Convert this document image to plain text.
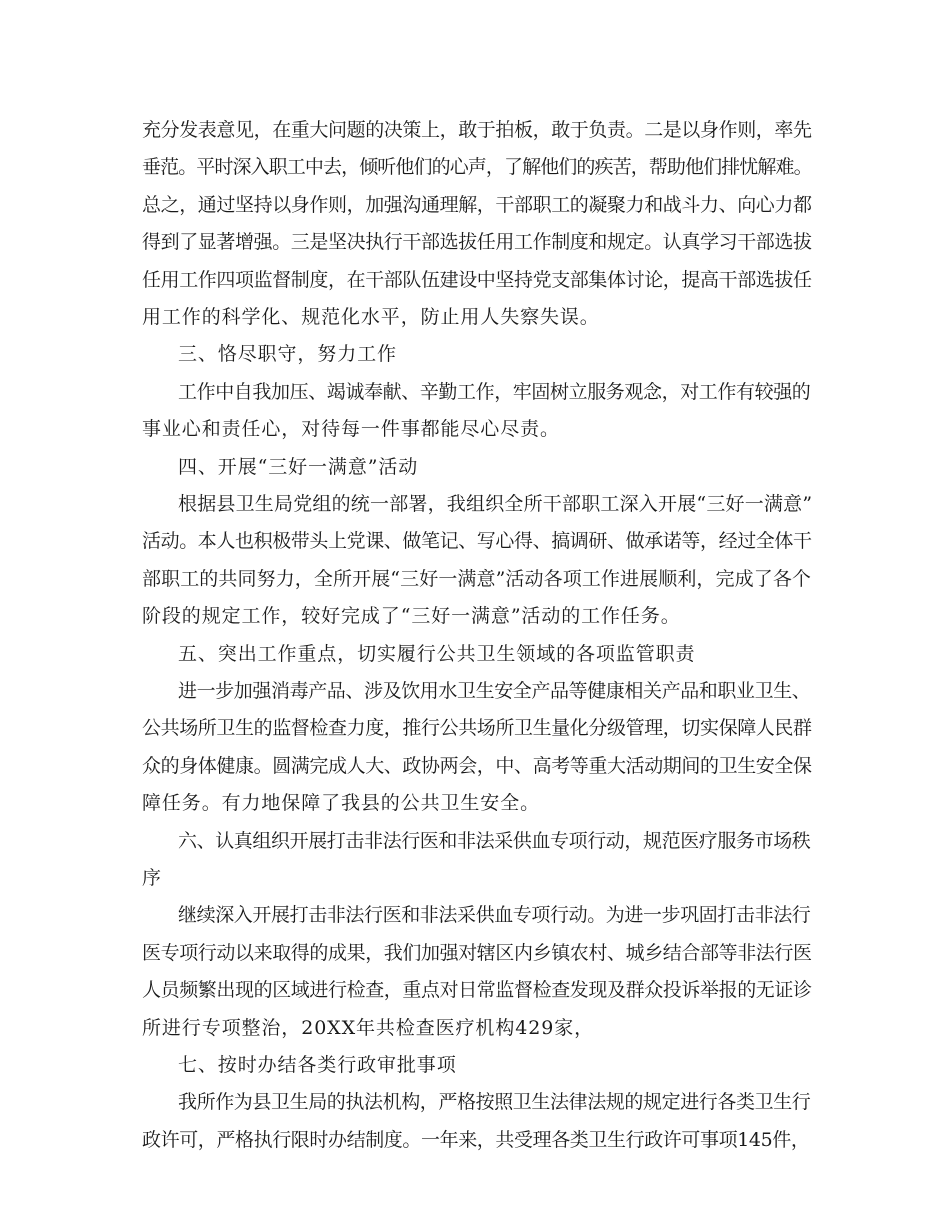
充分发表意见，在重大问题的决策上，敢于拍板，敢于负责。二是以身作则，率先

垂范。平时深入职工中去，倾听他们的心声，了解他们的疾苦，帮助他们排忧解难。

总之，通过坚持以身作则，加强沟通理解，干部职工的凝聚力和战斗力、向心力都

得到了显著增强。三是坚决执行干部选拔任用工作制度和规定。认真学习干部选拔

任用工作四项监督制度，在干部队伍建设中坚持党支部集体讨论，提高干部选拔任

用工作的科学化、规范化水平，防止用人失察失误。

三、恪尽职守，努力工作

工作中自我加压、竭诚奉献、辛勤工作，牢固树立服务观念，对工作有较强的

事业心和责任心，对待每一件事都能尽心尽责。

四、开展“三好一满意”活动

根据县卫生局党组的统一部署，我组织全所干部职工深入开展“三好一满意”

活动。本人也积极带头上党课、做笔记、写心得、搞调研、做承诺等，经过全体干

部职工的共同努力，全所开展“三好一满意”活动各项工作进展顺利，完成了各个

阶段的规定工作，较好完成了“三好一满意”活动的工作任务。

五、突出工作重点，切实履行公共卫生领域的各项监管职责

进一步加强消毒产品、涉及饮用水卫生安全产品等健康相关产品和职业卫生、

公共场所卫生的监督检查力度，推行公共场所卫生量化分级管理，切实保障人民群

众的身体健康。圆满完成人大、政协两会，中、高考等重大活动期间的卫生安全保

障任务。有力地保障了我县的公共卫生安全。

六、认真组织开展打击非法行医和非法采供血专项行动，规范医疗服务市场秩

序

继续深入开展打击非法行医和非法采供血专项行动。为进一步巩固打击非法行

医专项行动以来取得的成果，我们加强对辖区内乡镇农村、城乡结合部等非法行医

人员频繁出现的区域进行检查，重点对日常监督检查发现及群众投诉举报的无证诊

所进行专项整治，20XX年共检查医疗机构429家，

七、按时办结各类行政审批事项

我所作为县卫生局的执法机构，严格按照卫生法律法规的规定进行各类卫生行

政许可，严格执行限时办结制度。一年来，共受理各类卫生行政许可事项145件，
